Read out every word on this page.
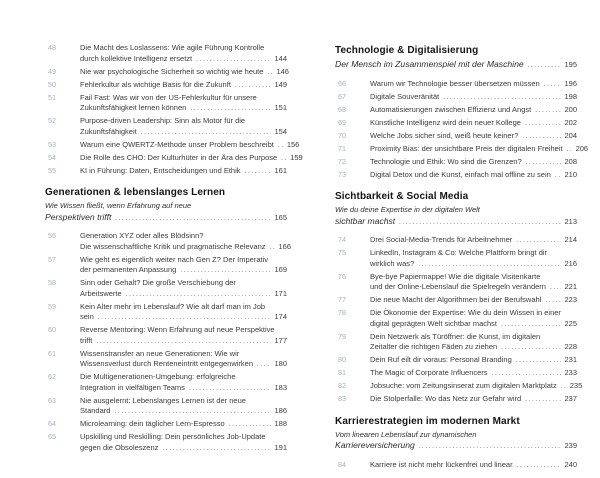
48	Die Macht des Loslassens: Wie agile Führung Kontrolle
durch kollektive Intelligenz ersetzt .....	144
49	Nie war psychologische Sicherheit so wichtig wie heute ..... 146
50	Fehlerkultur als wichtige Basis für die Zukunft .....	149
51	Fail Fast: Was wir von der US-Fehlerkultur für unsere
Zukunftsfähigkeit lernen können .....	151
52	Purpose-driven Leadership: Sinn als Motor für die
Zukunftsfähigkeit .....	154
53	Warum eine QWERTZ-Methode unser Problem beschreibt ..... 156
54	Die Rolle des CHO: Der Kulturhüter in der Ära des Purpose ..... 159
55	KI in Führung: Daten, Entscheidungen und Ethik .....	161
Generationen & lebenslanges Lernen
Wie Wissen fließt, wenn Erfahrung auf neue
Perspektiven trifft .....	165
56	Generation XYZ oder alles Blödsinn?
Die wissenschaftliche Kritik und pragmatische Relevanz ..... 166
57	Wie geht es eigentlich weiter nach Gen Z? Der Imperativ
der permanenten Anpassung .....	169
58	Sinn oder Gehalt? Die große Verschiebung der
Arbeitswerte .....	171
59	Kein Alter mehr im Lebenslauf? Wie alt darf man im Job
sein .....	174
60	Reverse Mentoring: Wenn Erfahrung auf neue Perspektive
trifft .....	177
61	Wissenstransfer an neue Generationen: Wie wir
Wissensverlust durch Renteneintritt entgegenwirken .....	180
62	Die Multigenerationen-Umgebung: erfolgreiche
Integration in vielfältigen Teams .....	183
63	Nie ausgelernt: Lebenslanges Lernen ist der neue
Standard .....	186
64	Microlearning: dein täglicher Lern-Espresso .....	188
65	Upskilling und Reskilling: Dein persönliches Job-Update
gegen die Obsoleszenz .....	191
Technologie & Digitalisierung
Der Mensch im Zusammenspiel mit der Maschine .....	195
66	Warum wir Technologie besser übersetzen müssen .....	196
67	Digitale Souveränität .....	198
68	Automatisierungen zwischen Effizienz und Angst .....	200
69	Künstliche Intelligenz wird dein neuer Kollege .....	202
70	Welche Jobs sicher sind, weiß heute keiner? .....	204
71	Proximity Bias: der unsichtbare Preis der digitalen Freiheit ..... 206
72	Technologie und Ethik: Wo sind die Grenzen? .....	208
73	Digital Detox und die Kunst, einfach mal offline zu sein ..... 210
Sichtbarkeit & Social Media
Wie du deine Expertise in der digitalen Welt
sichtbar machst .....	213
74	Drei Social-Media-Trends für Arbeitnehmer .....	214
75	LinkedIn, Instagram & Co: Welche Plattform bringt dir
wirklich was? .....	216
76	Bye-bye Papiermappe! Wie die digitale Visitenkarte
und der Online-Lebenslauf die Spielregeln verändern ..... 221
77	Die neue Macht der Algorithmen bei der Berufswahl .....	223
78	Die Ökonomie der Expertise: Wie du dein Wissen in einer
digital geprägten Welt sichtbar machst .....	225
79	Dein Netzwerk als Türöffner: die Kunst, im digitalen
Zeitalter die richtigen Fäden zu ziehen .....	228
80	Dein Ruf eilt dir voraus: Personal Branding .....	231
81	The Magic of Corporate Influencers .....	233
82	Jobsuche: vom Zeitungsinserat zum digitalen Marktplatz ..... 235
83	Die Stolperfalle: Wo das Netz zur Gefahr wird .....	237
Karrierestrategien im modernen Markt
Vom linearen Lebenslauf zur dynamischen
Karriereversicherung .....	239
84	Karriere ist nicht mehr lückenfrei und linear .....	240
